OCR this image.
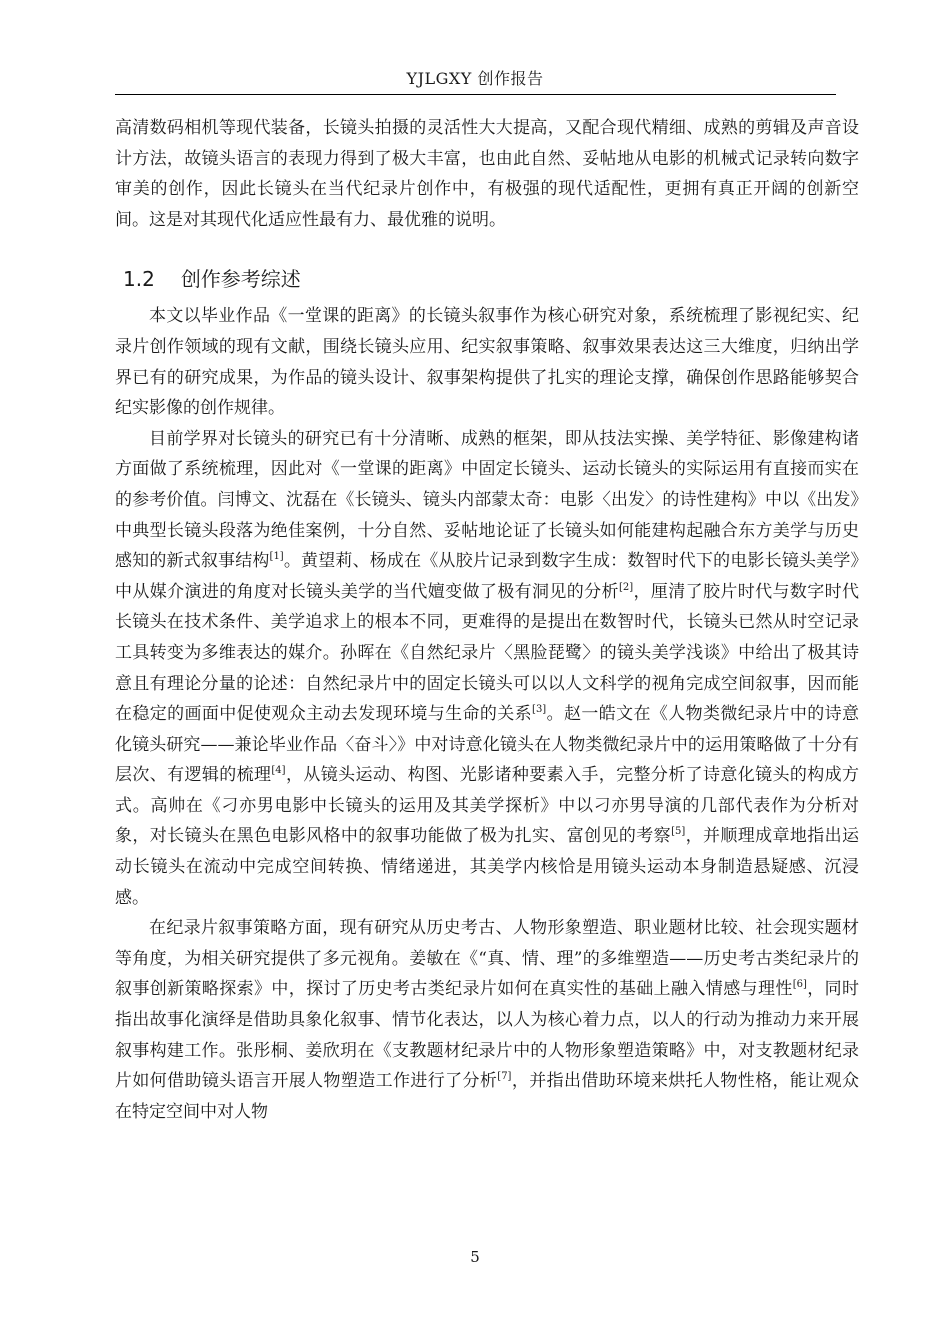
YJLGXY 创作报告

高清数码相机等现代装备，长镜头拍摄的灵活性大大提高，又配合现代精细、成熟的剪辑及声音设计方法，故镜头语言的表现力得到了极大丰富，也由此自然、妥帖地从电影的机械式记录转向数字审美的创作，因此长镜头在当代纪录片创作中，有极强的现代适配性，更拥有真正开阔的创新空间。这是对其现代化适应性最有力、最优雅的说明。

1.2 创作参考综述

本文以毕业作品《一堂课的距离》的长镜头叙事作为核心研究对象，系统梳理了影视纪实、纪录片创作领域的现有文献，围绕长镜头应用、纪实叙事策略、叙事效果表达这三大维度，归纳出学界已有的研究成果，为作品的镜头设计、叙事架构提供了扎实的理论支撑，确保创作思路能够契合纪实影像的创作规律。

目前学界对长镜头的研究已有十分清晰、成熟的框架，即从技法实操、美学特征、影像建构诸方面做了系统梳理，因此对《一堂课的距离》中固定长镜头、运动长镜头的实际运用有直接而实在的参考价值。闫博文、沈磊在《长镜头、镜头内部蒙太奇：电影〈出发〉的诗性建构》中以《出发》中典型长镜头段落为绝佳案例，十分自然、妥帖地论证了长镜头如何能建构起融合东方美学与历史感知的新式叙事结构[1]。黄望莉、杨成在《从胶片记录到数字生成：数智时代下的电影长镜头美学》中从媒介演进的角度对长镜头美学的当代嬗变做了极有洞见的分析[2]，厘清了胶片时代与数字时代长镜头在技术条件、美学追求上的根本不同，更难得的是提出在数智时代，长镜头已然从时空记录工具转变为多维表达的媒介。孙晖在《自然纪录片〈黑脸琵鹭〉的镜头美学浅谈》中给出了极其诗意且有理论分量的论述：自然纪录片中的固定长镜头可以以人文科学的视角完成空间叙事，因而能在稳定的画面中促使观众主动去发现环境与生命的关系[3]。赵一皓文在《人物类微纪录片中的诗意化镜头研究——兼论毕业作品〈奋斗〉》中对诗意化镜头在人物类微纪录片中的运用策略做了十分有层次、有逻辑的梳理[4]，从镜头运动、构图、光影诸种要素入手，完整分析了诗意化镜头的构成方式。高帅在《刁亦男电影中长镜头的运用及其美学探析》中以刁亦男导演的几部代表作为分析对象，对长镜头在黑色电影风格中的叙事功能做了极为扎实、富创见的考察[5]，并顺理成章地指出运动长镜头在流动中完成空间转换、情绪递进，其美学内核恰是用镜头运动本身制造悬疑感、沉浸感。

在纪录片叙事策略方面，现有研究从历史考古、人物形象塑造、职业题材比较、社会现实题材等角度，为相关研究提供了多元视角。姜敏在《“真、情、理”的多维塑造——历史考古类纪录片的叙事创新策略探索》中，探讨了历史考古类纪录片如何在真实性的基础上融入情感与理性[6]，同时指出故事化演绎是借助具象化叙事、情节化表达，以人为核心着力点，以人的行动为推动力来开展叙事构建工作。张彤桐、姜欣玥在《支教题材纪录片中的人物形象塑造策略》中，对支教题材纪录片如何借助镜头语言开展人物塑造工作进行了分析[7]，并指出借助环境来烘托人物性格，能让观众在特定空间中对人物

5
